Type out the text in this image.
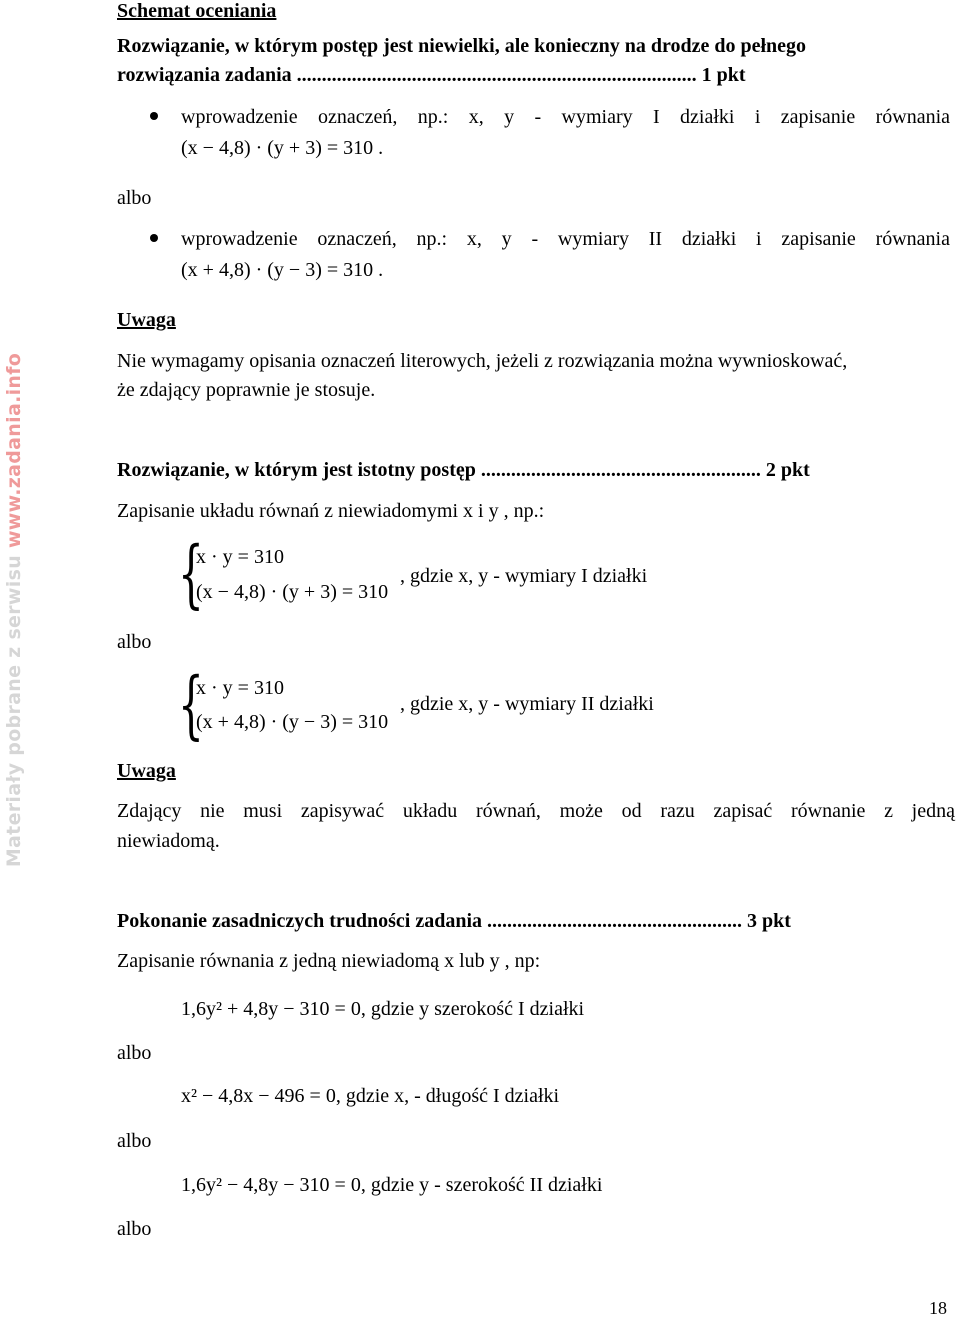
Materiały pobrane z serwisu www.zadania.info
Schemat oceniania
Rozwiązanie, w którym postęp jest niewielki, ale konieczny na drodze do pełnego
rozwiązania zadania ................................................................................ 1 pkt
wprowadzenie oznaczeń, np.: x, y - wymiary I działki i zapisanie równania
(x − 4,8) · (y + 3) = 310 .
albo
wprowadzenie oznaczeń, np.: x, y - wymiary II działki i zapisanie równania
(x + 4,8) · (y − 3) = 310 .
Uwaga
Nie wymagamy opisania oznaczeń literowych, jeżeli z rozwiązania można wywnioskować,
że zdający poprawnie je stosuje.
Rozwiązanie, w którym jest istotny postęp ........................................................ 2 pkt
Zapisanie układu równań z niewiadomymi x i y , np.:
{
x · y = 310
(x − 4,8) · (y + 3) = 310
, gdzie x, y - wymiary I działki
albo
{
x · y = 310
(x + 4,8) · (y − 3) = 310
, gdzie x, y - wymiary II działki
Uwaga
Zdający nie musi zapisywać układu równań, może od razu zapisać równanie z jedną
niewiadomą.
Pokonanie zasadniczych trudności zadania ................................................... 3 pkt
Zapisanie równania z jedną niewiadomą x lub y , np:
1,6y² + 4,8y − 310 = 0, gdzie y szerokość I działki
albo
x² − 4,8x − 496 = 0, gdzie x, - długość I działki
albo
1,6y² − 4,8y − 310 = 0, gdzie y - szerokość II działki
albo
18
